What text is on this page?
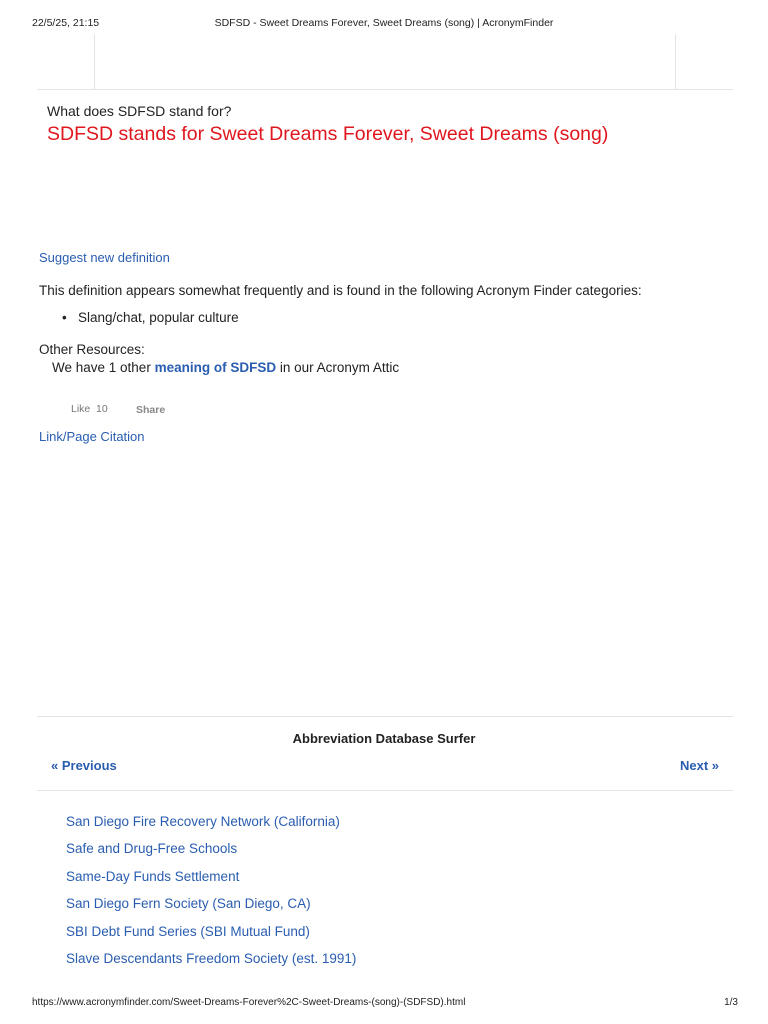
22/5/25, 21:15	SDFSD - Sweet Dreams Forever, Sweet Dreams (song) | AcronymFinder
What does SDFSD stand for?
SDFSD stands for Sweet Dreams Forever, Sweet Dreams (song)
Suggest new definition
This definition appears somewhat frequently and is found in the following Acronym Finder categories:
• Slang/chat, popular culture
Other Resources:
We have 1 other meaning of SDFSD in our Acronym Attic
Like 10	Share
Link/Page Citation
Abbreviation Database Surfer
« Previous	Next »
San Diego Fire Recovery Network (California)
Safe and Drug-Free Schools
Same-Day Funds Settlement
San Diego Fern Society (San Diego, CA)
SBI Debt Fund Series (SBI Mutual Fund)
Slave Descendants Freedom Society (est. 1991)
https://www.acronymfinder.com/Sweet-Dreams-Forever%2C-Sweet-Dreams-(song)-(SDFSD).html	1/3
